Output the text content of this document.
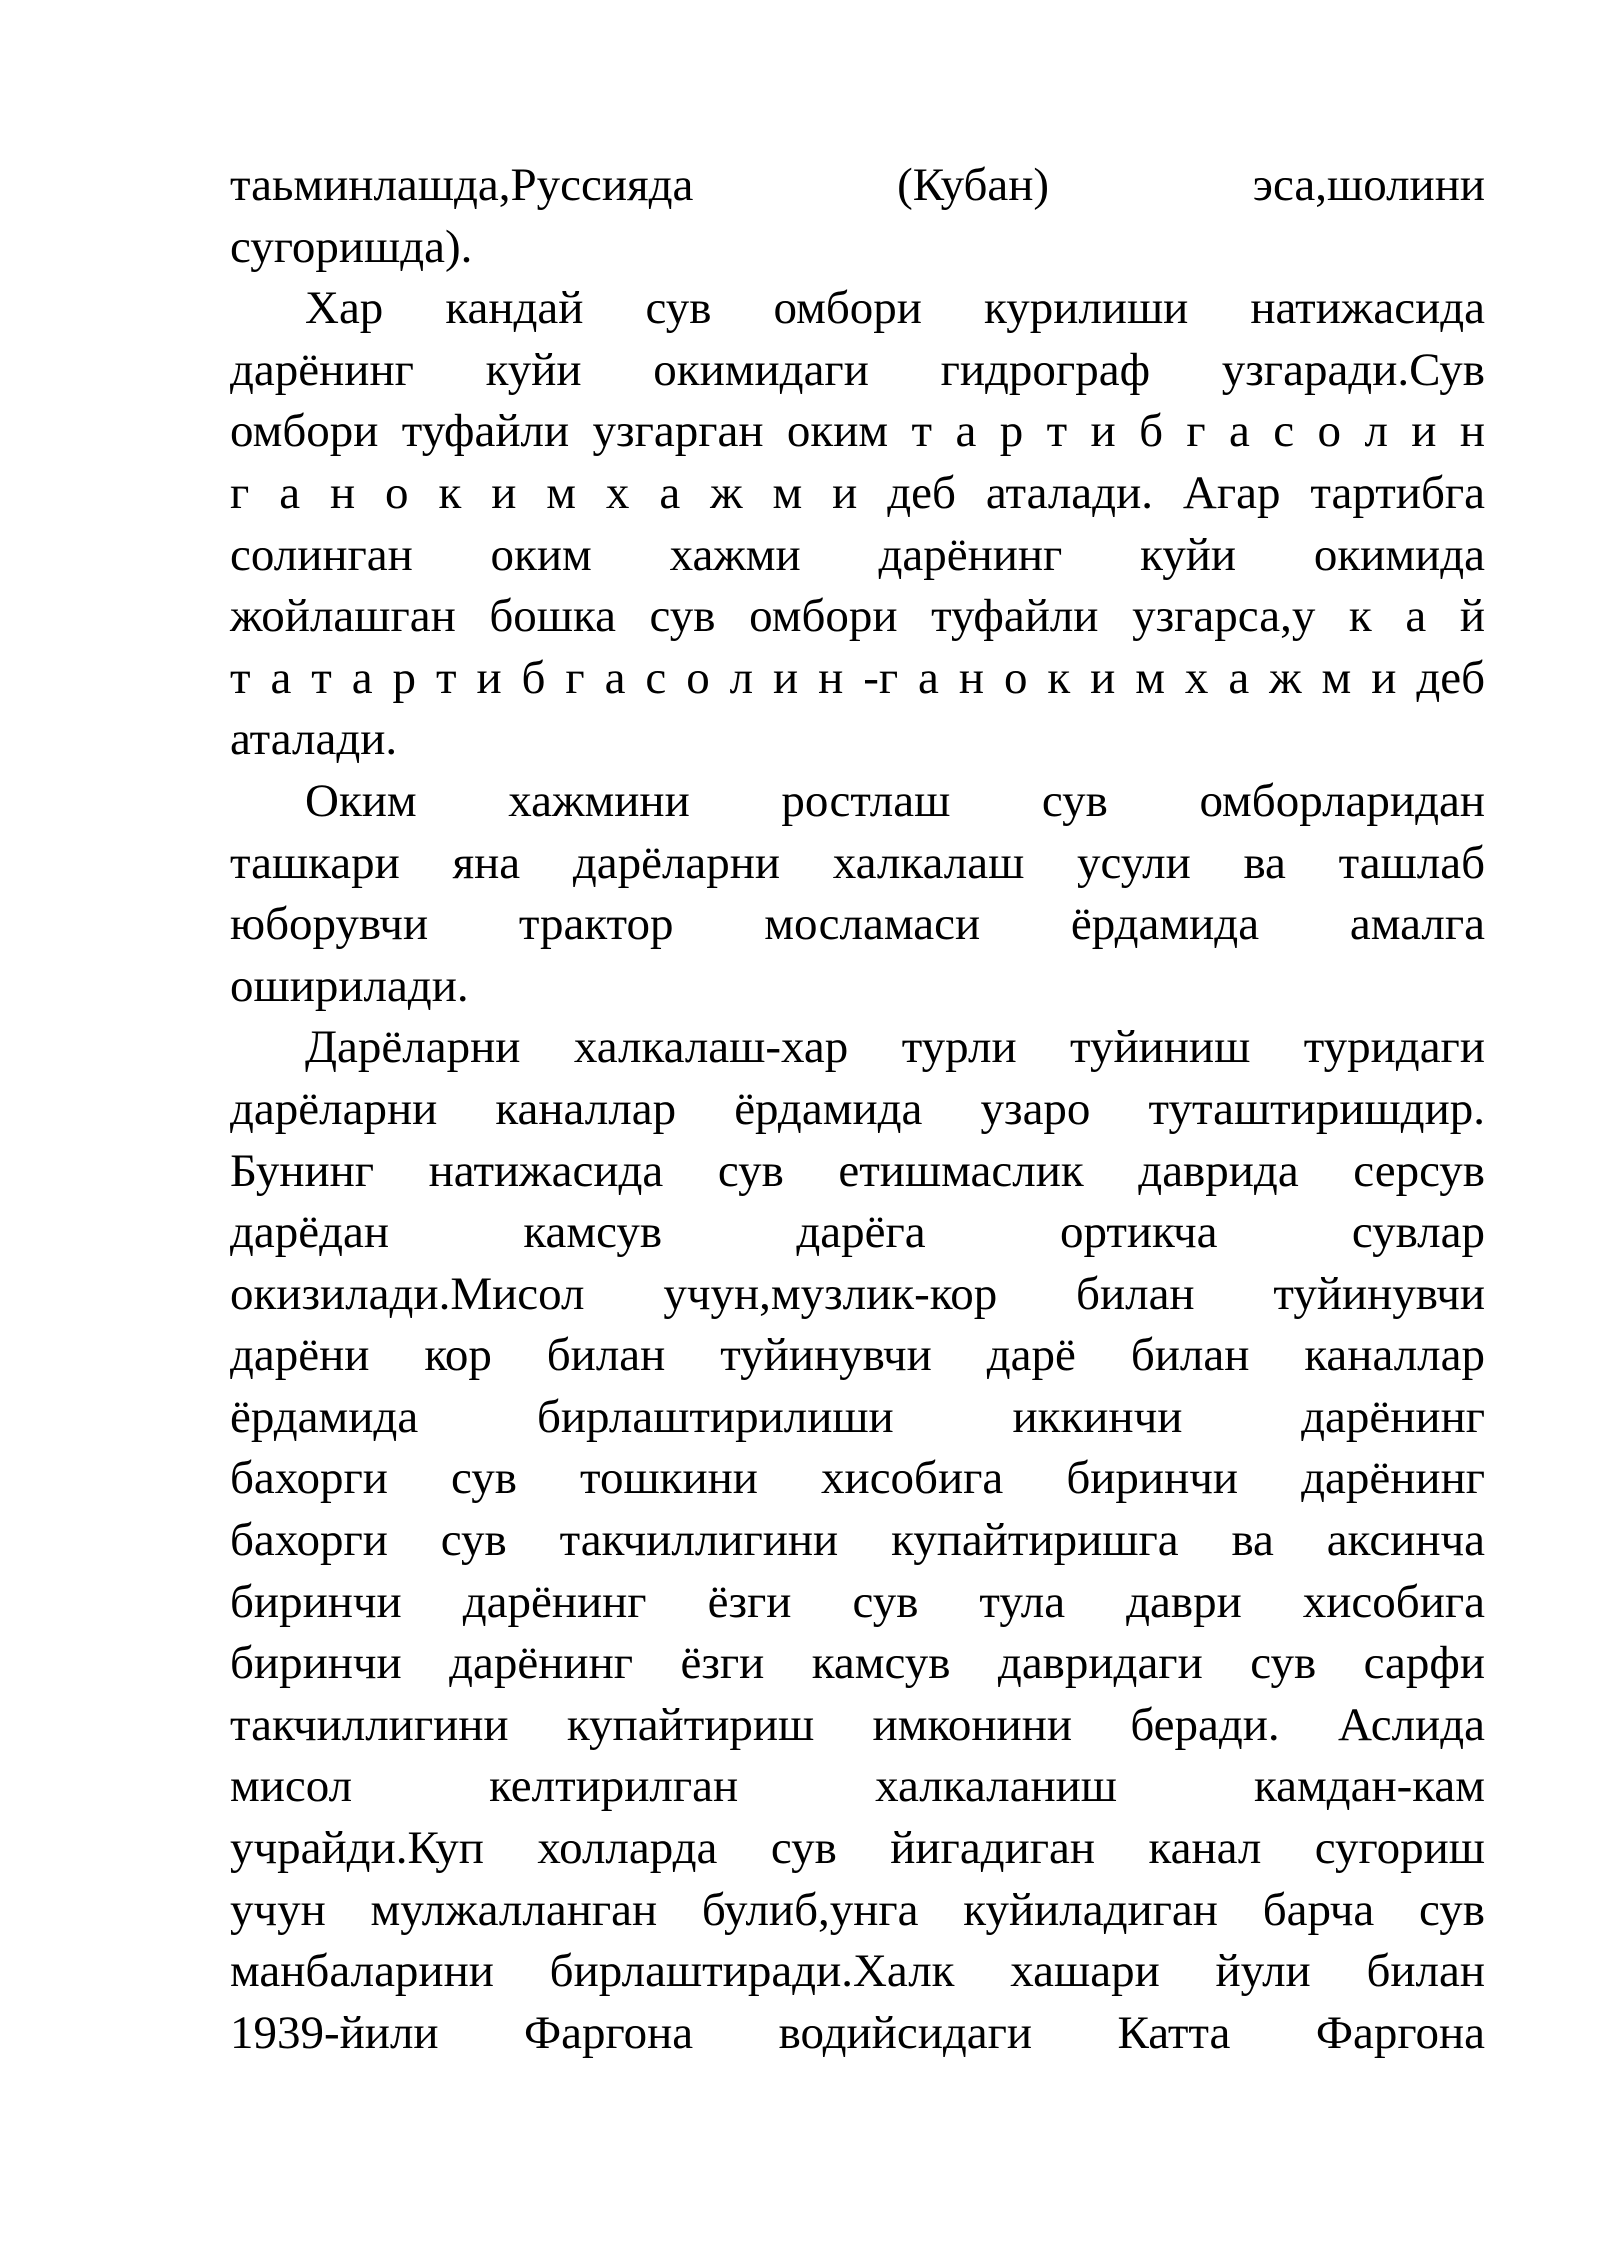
таьминлашда,Руссияда (Кубан) эса,шолини
сугоришда).
Хар кандай сув омбори курилиши натижасида
дарёнинг куйи окимидаги гидрограф узгаради.Сув
омбори туфайли узгарган оким т а р т и б г а с о л и н
г а н о к и м х а ж м и деб аталади. Агар тартибга
солинган оким хажми дарёнинг куйи окимида
жойлашган бошка сув омбори туфайли узгарса,у к а й
т а т а р т и б г а с о л и н -г а н о к и м х а ж м и деб
аталади.
Оким хажмини ростлаш сув омборларидан
ташкари яна дарёларни халкалаш усули ва ташлаб
юборувчи трактор мосламаси ёрдамида амалга
оширилади.
Дарёларни халкалаш-хар турли туйиниш туридаги
дарёларни каналлар ёрдамида узаро туташтиришдир.
Бунинг натижасида сув етишмаслик даврида серсув
дарёдан камсув дарёга ортикча сувлар
окизилади.Мисол учун,музлик-кор билан туйинувчи
дарёни кор билан туйинувчи дарё билан каналлар
ёрдамида бирлаштирилиши иккинчи дарёнинг
бахорги сув тошкини хисобига биринчи дарёнинг
бахорги сув такчиллигини купайтиришга ва аксинча
биринчи дарёнинг ёзги сув тула даври хисобига
биринчи дарёнинг ёзги камсув давридаги сув сарфи
такчиллигини купайтириш имконини беради. Аслида
мисол келтирилган халкаланиш камдан-кам
учрайди.Куп холларда сув йигадиган канал сугориш
учун мулжалланган булиб,унга куйиладиган барча сув
манбаларини бирлаштиради.Халк хашари йули билан
1939-йили Фаргона водийсидаги Катта Фаргона
